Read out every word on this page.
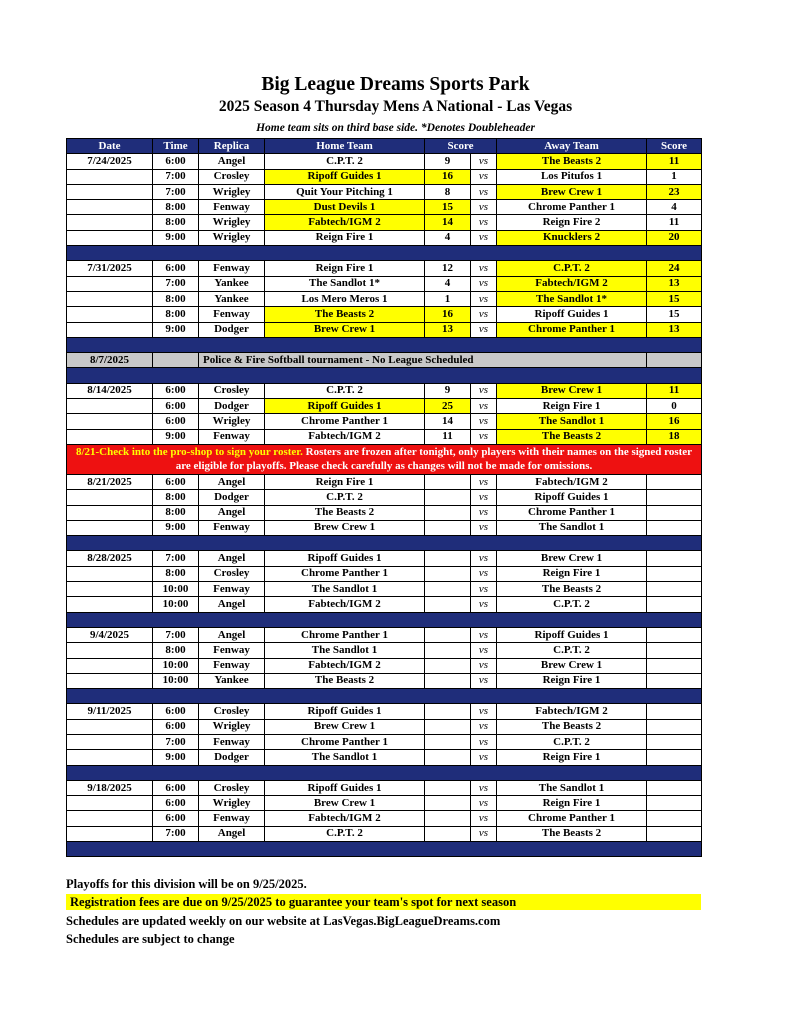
Big League Dreams Sports Park
2025 Season 4 Thursday Mens A National - Las Vegas
Home team sits on third base side. *Denotes Doubleheader
Date	Time	Replica	Home Team	Score		Away Team	Score
7/24/2025	6:00	Angel	C.P.T. 2	9	vs	The Beasts 2	11
	7:00	Crosley	Ripoff Guides 1	16	vs	Los Pitufos 1	1
	7:00	Wrigley	Quit Your Pitching 1	8	vs	Brew Crew 1	23
	8:00	Fenway	Dust Devils 1	15	vs	Chrome Panther 1	4
	8:00	Wrigley	Fabtech/IGM 2	14	vs	Reign Fire 2	11
	9:00	Wrigley	Reign Fire 1	4	vs	Knucklers 2	20

7/31/2025	6:00	Fenway	Reign Fire 1	12	vs	C.P.T. 2	24
	7:00	Yankee	The Sandlot 1*	4	vs	Fabtech/IGM 2	13
	8:00	Yankee	Los Mero Meros 1	1	vs	The Sandlot 1*	15
	8:00	Fenway	The Beasts 2	16	vs	Ripoff Guides 1	15
	9:00	Dodger	Brew Crew 1	13	vs	Chrome Panther 1	13

8/7/2025		Police & Fire Softball tournament - No League Scheduled					

8/14/2025	6:00	Crosley	C.P.T. 2	9	vs	Brew Crew 1	11
	6:00	Dodger	Ripoff Guides 1	25	vs	Reign Fire 1	0
	6:00	Wrigley	Chrome Panther 1	14	vs	The Sandlot 1	16
	9:00	Fenway	Fabtech/IGM 2	11	vs	The Beasts 2	18
8/21-Check into the pro-shop to sign your roster. Rosters are frozen after tonight, only players with their names on the signed roster are eligible for playoffs. Please check carefully as changes will not be made for omissions.							
8/21/2025	6:00	Angel	Reign Fire 1		vs	Fabtech/IGM 2	
	8:00	Dodger	C.P.T. 2		vs	Ripoff Guides 1	
	8:00	Angel	The Beasts 2		vs	Chrome Panther 1	
	9:00	Fenway	Brew Crew 1		vs	The Sandlot 1	

8/28/2025	7:00	Angel	Ripoff Guides 1		vs	Brew Crew 1	
	8:00	Crosley	Chrome Panther 1		vs	Reign Fire 1	
	10:00	Fenway	The Sandlot 1		vs	The Beasts 2	
	10:00	Angel	Fabtech/IGM 2		vs	C.P.T. 2	

9/4/2025	7:00	Angel	Chrome Panther 1		vs	Ripoff Guides 1	
	8:00	Fenway	The Sandlot 1		vs	C.P.T. 2	
	10:00	Fenway	Fabtech/IGM 2		vs	Brew Crew 1	
	10:00	Yankee	The Beasts 2		vs	Reign Fire 1	

9/11/2025	6:00	Crosley	Ripoff Guides 1		vs	Fabtech/IGM 2	
	6:00	Wrigley	Brew Crew 1		vs	The Beasts 2	
	7:00	Fenway	Chrome Panther 1		vs	C.P.T. 2	
	9:00	Dodger	The Sandlot 1		vs	Reign Fire 1	

9/18/2025	6:00	Crosley	Ripoff Guides 1		vs	The Sandlot 1	
	6:00	Wrigley	Brew Crew 1		vs	Reign Fire 1	
	6:00	Fenway	Fabtech/IGM 2		vs	Chrome Panther 1	
	7:00	Angel	C.P.T. 2		vs	The Beasts 2	

Playoffs for this division will be on 9/25/2025.
Registration fees are due on 9/25/2025 to guarantee your team's spot for next season
Schedules are updated weekly on our website at LasVegas.BigLeagueDreams.com
Schedules are subject to change
